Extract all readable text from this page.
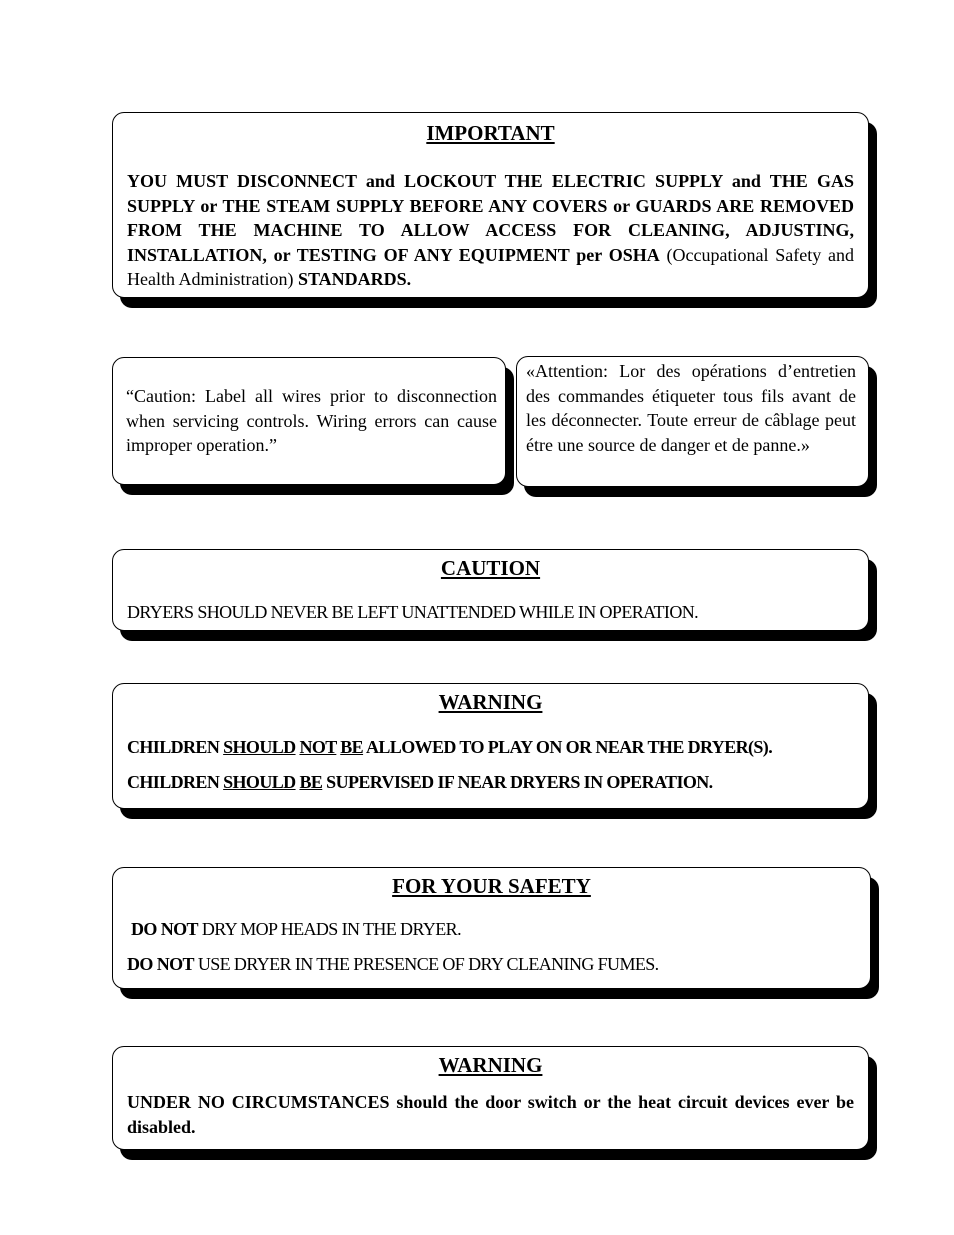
IMPORTANT

YOU MUST DISCONNECT and LOCKOUT THE ELECTRIC SUPPLY and THE GAS SUPPLY or THE STEAM SUPPLY BEFORE ANY COVERS or GUARDS ARE REMOVED FROM THE MACHINE TO ALLOW ACCESS FOR CLEANING, ADJUSTING, INSTALLATION, or TESTING OF ANY EQUIPMENT per OSHA (Occupational Safety and Health Administration) STANDARDS.

“Caution: Label all wires prior to disconnection when servicing controls. Wiring errors can cause improper operation.”

«Attention: Lor des opérations d’entretien des commandes étiqueter tous fils avant de les déconnecter. Toute erreur de câblage peut étre une source de danger et de panne.»

CAUTION

DRYERS SHOULD NEVER BE LEFT UNATTENDED WHILE IN OPERATION.

WARNING

CHILDREN SHOULD NOT BE ALLOWED TO PLAY ON OR NEAR THE DRYER(S).

CHILDREN SHOULD BE SUPERVISED IF NEAR DRYERS IN OPERATION.

FOR YOUR SAFETY

DO NOT DRY MOP HEADS IN THE DRYER.

DO NOT USE DRYER IN THE PRESENCE OF DRY CLEANING FUMES.

WARNING

UNDER NO CIRCUMSTANCES should the door switch or the heat circuit devices ever be disabled.
